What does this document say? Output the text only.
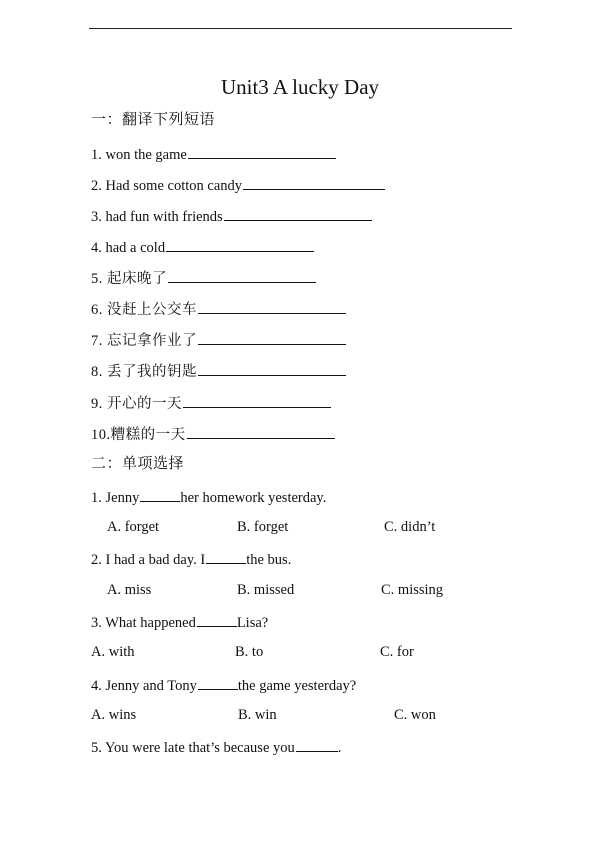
Unit3 A lucky Day
一：翻译下列短语
1. won the game
2. Had some cotton candy
3. had fun with friends
4. had a cold
5. 起床晚了
6. 没赶上公交车
7. 忘记拿作业了
8. 丢了我的钥匙
9. 开心的一天
10.糟糕的一天
二：单项选择
1. Jenny	her homework yesterday.
A. forget	B. forget	C. didn’t
2. I had a bad day. I	the bus.
A. miss	B. missed	C. missing
3. What happened	Lisa?
A. with	B. to	C. for
4. Jenny and Tony	the game yesterday?
A. wins	B. win	C. won
5. You were late that’s because you	.
